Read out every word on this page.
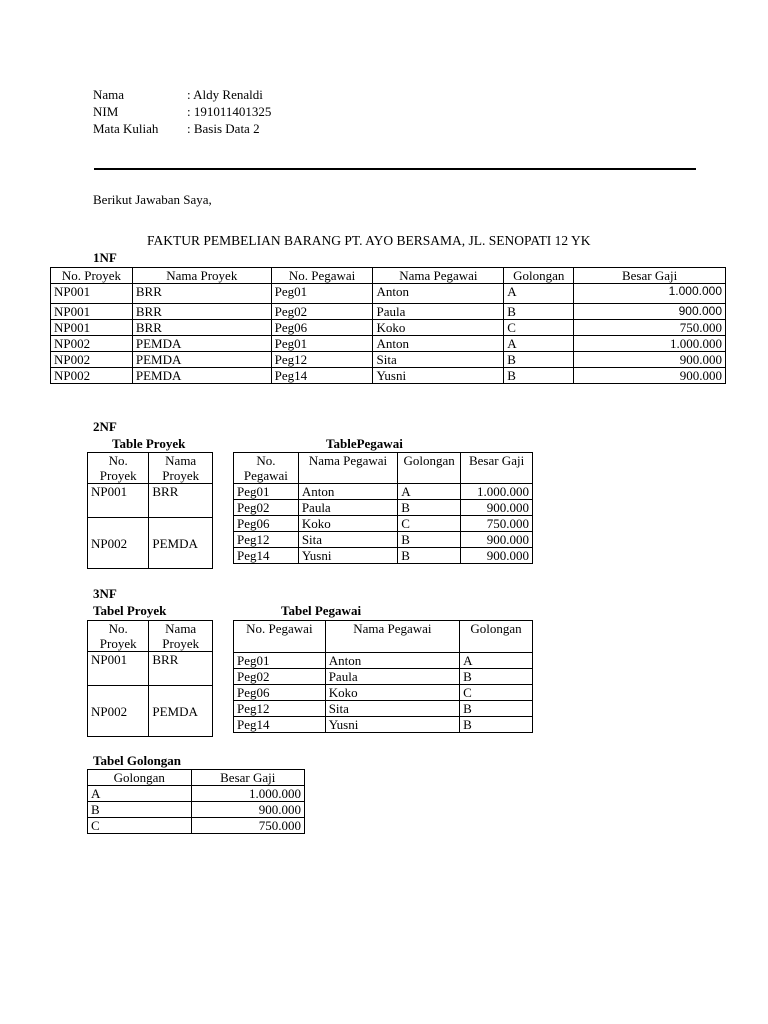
Nama	: Aldy Renaldi
NIM	: 191011401325
Mata Kuliah : Basis Data 2
Berikut Jawaban Saya,
FAKTUR PEMBELIAN BARANG PT. AYO BERSAMA, JL. SENOPATI 12 YK
1NF
No. Proyek	Nama Proyek	No. Pegawai	Nama Pegawai	Golongan	Besar Gaji
NP001	BRR	Peg01	Anton	A	1.000.000
NP001	BRR	Peg02	Paula	B	900.000
NP001	BRR	Peg06	Koko	C	750.000
NP002	PEMDA	Peg01	Anton	A	1.000.000
NP002	PEMDA	Peg12	Sita	B	900.000
NP002	PEMDA	Peg14	Yusni	B	900.000
2NF
Table Proyek	TablePegawai
No. Proyek	Nama Proyek
NP001	BRR
NP002	PEMDA
No. Pegawai	Nama Pegawai	Golongan	Besar Gaji
Peg01	Anton	A	1.000.000
Peg02	Paula	B	900.000
Peg06	Koko	C	750.000
Peg12	Sita	B	900.000
Peg14	Yusni	B	900.000
3NF
Tabel Proyek	Tabel Pegawai
No. Proyek	Nama Proyek
NP001	BRR
NP002	PEMDA
No. Pegawai	Nama Pegawai	Golongan
Peg01	Anton	A
Peg02	Paula	B
Peg06	Koko	C
Peg12	Sita	B
Peg14	Yusni	B
Tabel Golongan
Golongan	Besar Gaji
A	1.000.000
B	900.000
C	750.000
